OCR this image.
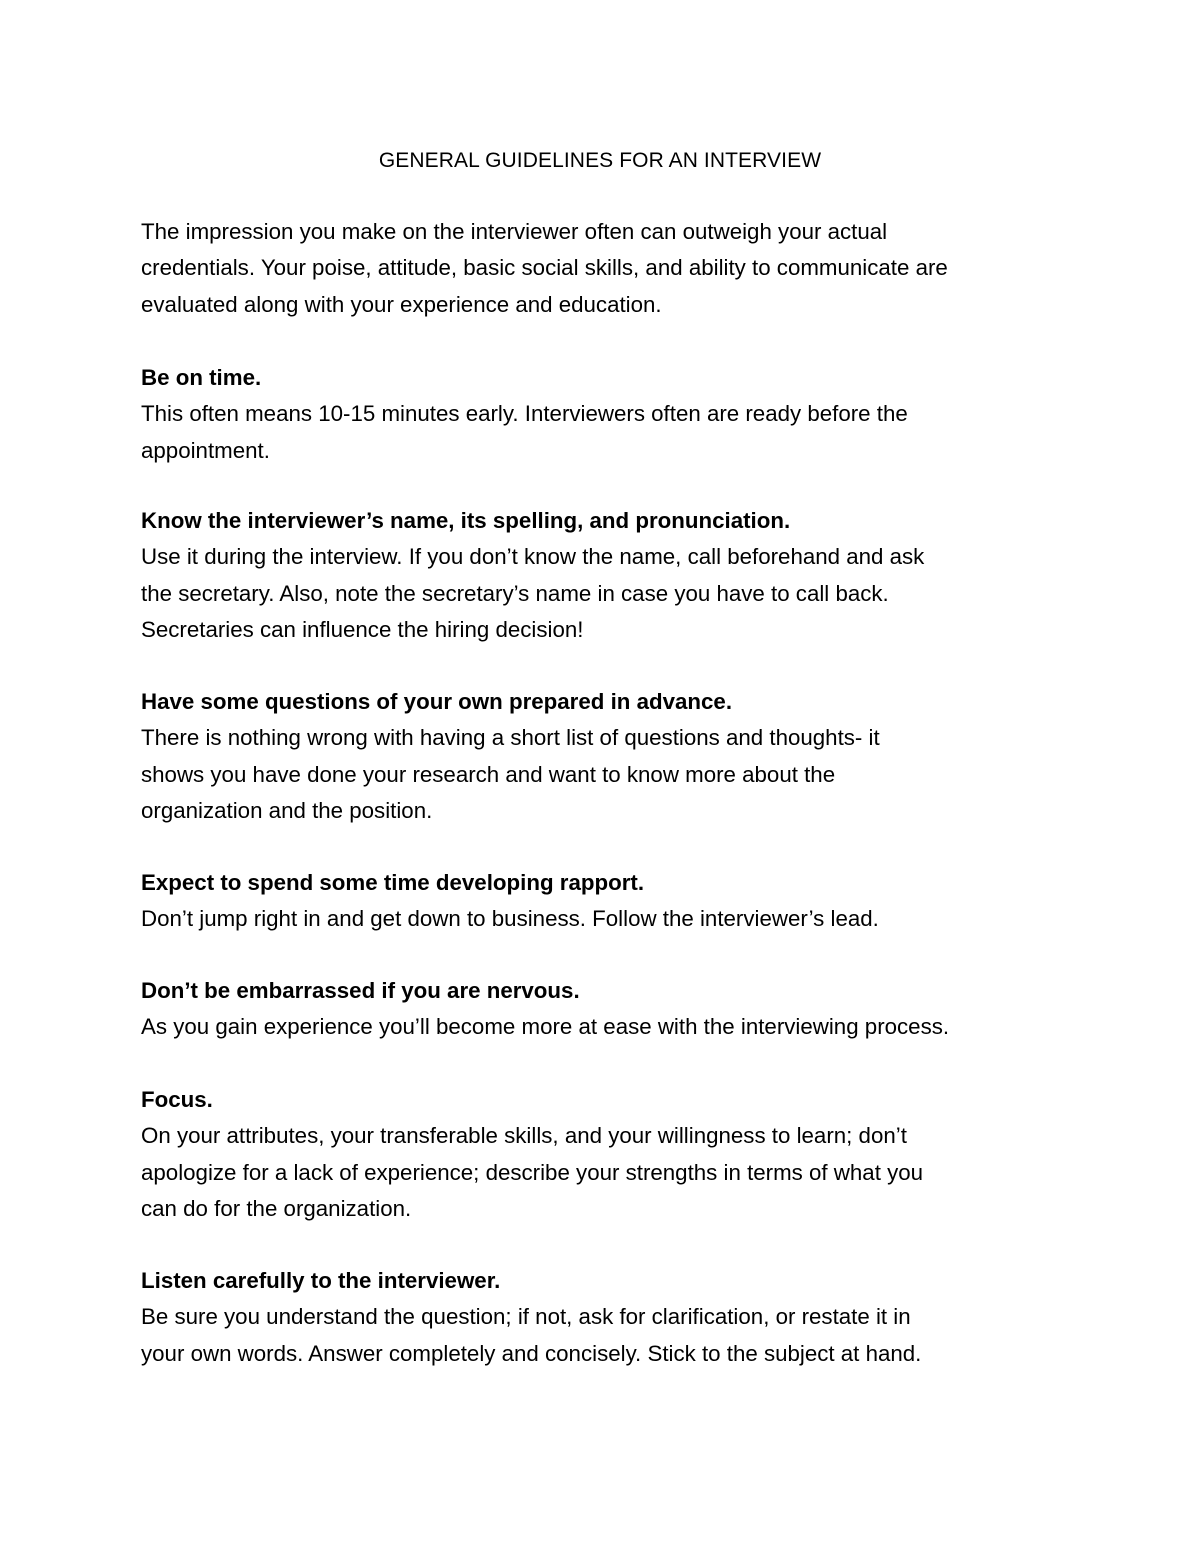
GENERAL GUIDELINES FOR AN INTERVIEW
The impression you make on the interviewer often can outweigh your actual
credentials. Your poise, attitude, basic social skills, and ability to communicate are
evaluated along with your experience and education.
Be on time.
This often means 10-15 minutes early. Interviewers often are ready before the
appointment.
Know the interviewer’s name, its spelling, and pronunciation.
Use it during the interview. If you don’t know the name, call beforehand and ask
the secretary. Also, note the secretary’s name in case you have to call back.
Secretaries can influence the hiring decision!
Have some questions of your own prepared in advance.
There is nothing wrong with having a short list of questions and thoughts- it
shows you have done your research and want to know more about the
organization and the position.
Expect to spend some time developing rapport.
Don’t jump right in and get down to business. Follow the interviewer’s lead.
Don’t be embarrassed if you are nervous.
As you gain experience you’ll become more at ease with the interviewing process.
Focus.
On your attributes, your transferable skills, and your willingness to learn; don’t
apologize for a lack of experience; describe your strengths in terms of what you
can do for the organization.
Listen carefully to the interviewer.
Be sure you understand the question; if not, ask for clarification, or restate it in
your own words. Answer completely and concisely. Stick to the subject at hand.
